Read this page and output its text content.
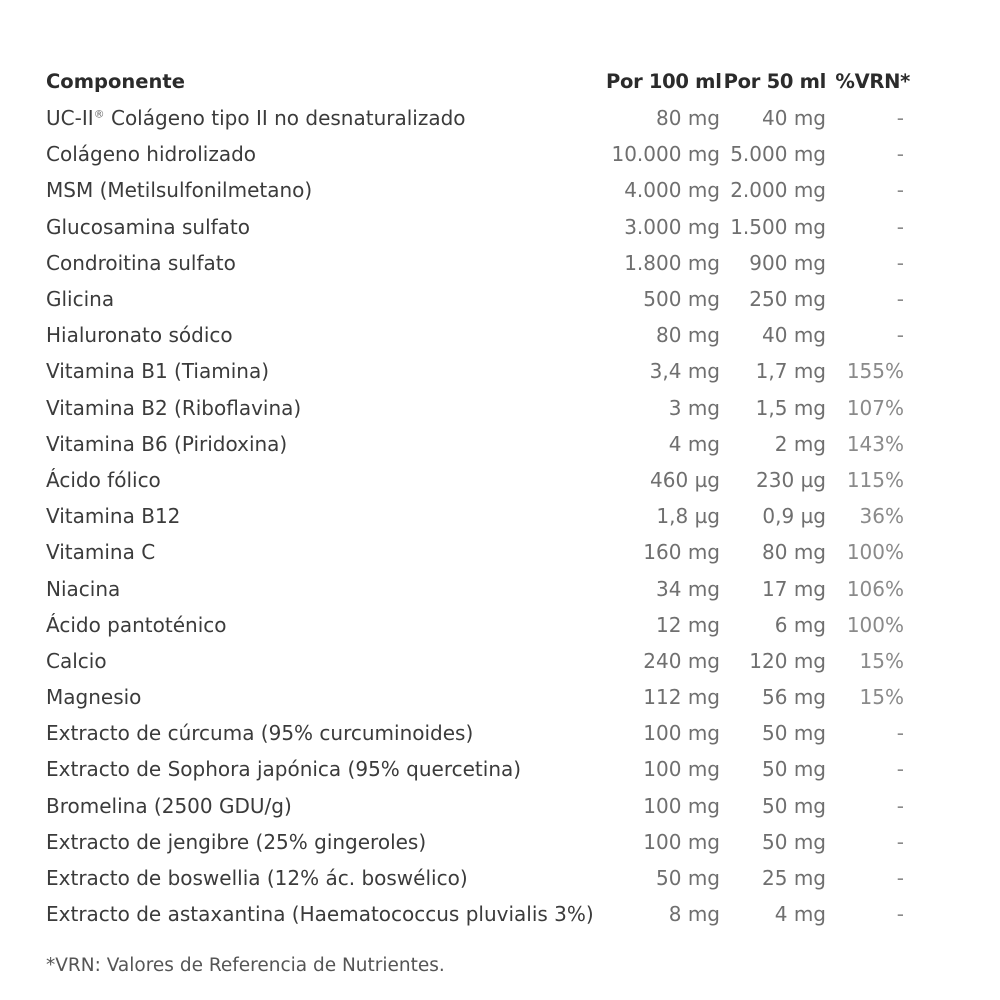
Componente	Por 100 ml	Por 50 ml	%VRN*
UC-II® Colágeno tipo II no desnaturalizado	80 mg	40 mg	-
Colágeno hidrolizado	10.000 mg	5.000 mg	-
MSM (Metilsulfonilmetano)	4.000 mg	2.000 mg	-
Glucosamina sulfato	3.000 mg	1.500 mg	-
Condroitina sulfato	1.800 mg	900 mg	-
Glicina	500 mg	250 mg	-
Hialuronato sódico	80 mg	40 mg	-
Vitamina B1 (Tiamina)	3,4 mg	1,7 mg	155%
Vitamina B2 (Riboflavina)	3 mg	1,5 mg	107%
Vitamina B6 (Piridoxina)	4 mg	2 mg	143%
Ácido fólico	460 µg	230 µg	115%
Vitamina B12	1,8 µg	0,9 µg	36%
Vitamina C	160 mg	80 mg	100%
Niacina	34 mg	17 mg	106%
Ácido pantoténico	12 mg	6 mg	100%
Calcio	240 mg	120 mg	15%
Magnesio	112 mg	56 mg	15%
Extracto de cúrcuma (95% curcuminoides)	100 mg	50 mg	-
Extracto de Sophora japónica (95% quercetina)	100 mg	50 mg	-
Bromelina (2500 GDU/g)	100 mg	50 mg	-
Extracto de jengibre (25% gingeroles)	100 mg	50 mg	-
Extracto de boswellia (12% ác. boswélico)	50 mg	25 mg	-
Extracto de astaxantina (Haematococcus pluvialis 3%)	8 mg	4 mg	-
*VRN: Valores de Referencia de Nutrientes.
